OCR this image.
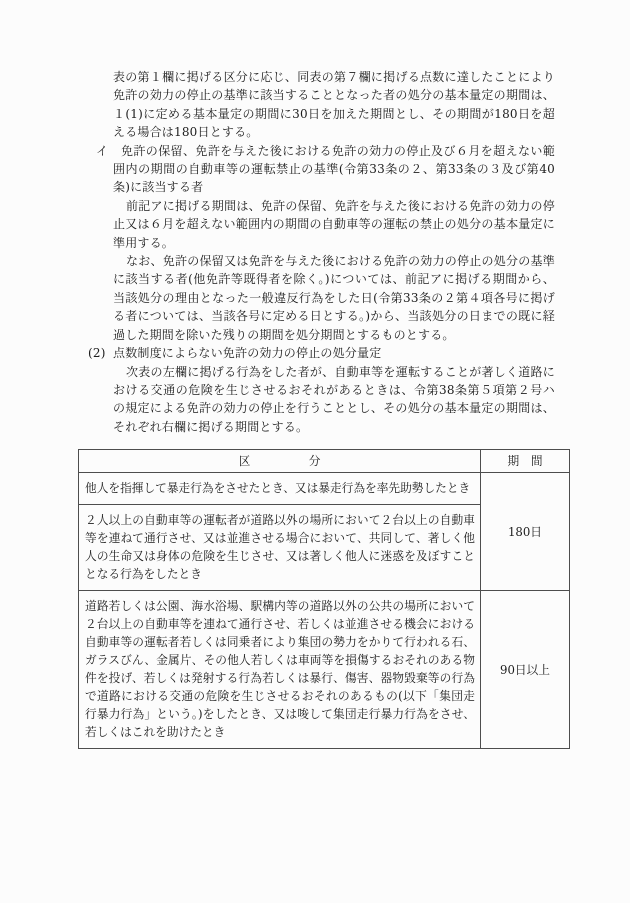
表の第１欄に掲げる区分に応じ、同表の第７欄に掲げる点数に達したことにより免許の効力の停止の基準に該当することとなった者の処分の基本量定の期間は、１(1)に定める基本量定の期間に30日を加えた期間とし、その期間が180日を超える場合は180日とする。

イ	免許の保留、免許を与えた後における免許の効力の停止及び６月を超えない範囲内の期間の自動車等の運転禁止の基準(令第33条の２、第33条の３及び第40条)に該当する者

前記アに掲げる期間は、免許の保留、免許を与えた後における免許の効力の停止又は６月を超えない範囲内の期間の自動車等の運転の禁止の処分の基本量定に準用する。

なお、免許の保留又は免許を与えた後における免許の効力の停止の処分の基準に該当する者(他免許等既得者を除く。)については、前記アに掲げる期間から、当該処分の理由となった一般違反行為をした日(令第33条の２第４項各号に掲げる者については、当該各号に定める日とする。)から、当該処分の日までの既に経過した期間を除いた残りの期間を処分期間とするものとする。

(2) 点数制度によらない免許の効力の停止の処分量定

次表の左欄に掲げる行為をした者が、自動車等を運転することが著しく道路における交通の危険を生じさせるおそれがあるときは、令第38条第５項第２号ハの規定による免許の効力の停止を行うこととし、その処分の基本量定の期間は、それぞれ右欄に掲げる期間とする。

区　　　　　分	期　間
他人を指揮して暴走行為をさせたとき、又は暴走行為を率先助勢したとき	180日
２人以上の自動車等の運転者が道路以外の場所において２台以上の自動車等を連ねて通行させ、又は並進させる場合において、共同して、著しく他人の生命又は身体の危険を生じさせ、又は著しく他人に迷惑を及ぼすこととなる行為をしたとき	
道路若しくは公園、海水浴場、駅構内等の道路以外の公共の場所において２台以上の自動車等を連ねて通行させ、若しくは並進させる機会における自動車等の運転者若しくは同乗者により集団の勢力をかりて行われる石、ガラスびん、金属片、その他人若しくは車両等を損傷するおそれのある物件を投げ、若しくは発射する行為若しくは暴行、傷害、器物毀棄等の行為で道路における交通の危険を生じさせるおそれのあるもの(以下「集団走行暴力行為」という。)をしたとき、又は唆して集団走行暴力行為をさせ、若しくはこれを助けたとき	90日以上
